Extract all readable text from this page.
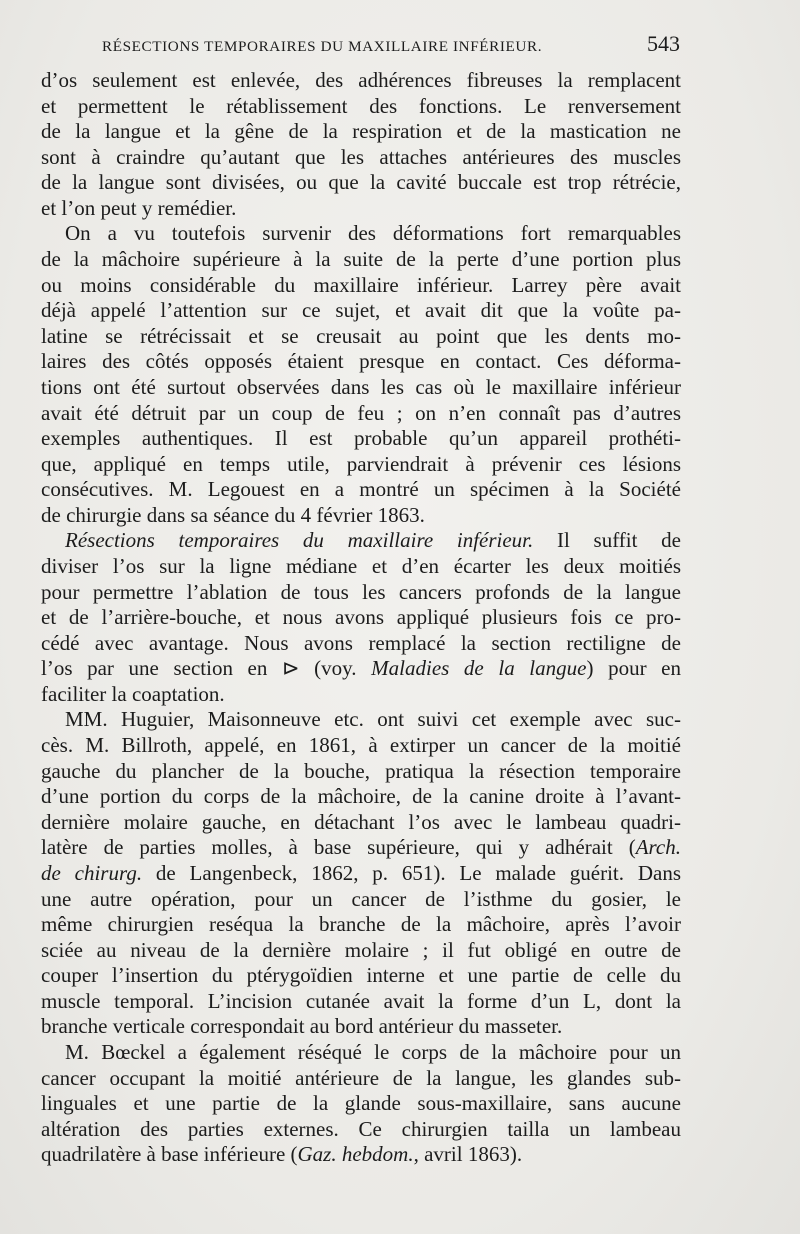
RÉSECTIONS TEMPORAIRES DU MAXILLAIRE INFÉRIEUR.	543
d’os seulement est enlevée, des adhérences fibreuses la remplacent
et permettent le rétablissement des fonctions. Le renversement
de la langue et la gêne de la respiration et de la mastication ne
sont à craindre qu’autant que les attaches antérieures des muscles
de la langue sont divisées, ou que la cavité buccale est trop rétrécie,
et l’on peut y remédier.
On a vu toutefois survenir des déformations fort remarquables
de la mâchoire supérieure à la suite de la perte d’une portion plus
ou moins considérable du maxillaire inférieur. Larrey père avait
déjà appelé l’attention sur ce sujet, et avait dit que la voûte pa-
latine se rétrécissait et se creusait au point que les dents mo-
laires des côtés opposés étaient presque en contact. Ces déforma-
tions ont été surtout observées dans les cas où le maxillaire inférieur
avait été détruit par un coup de feu ; on n’en connaît pas d’autres
exemples authentiques. Il est probable qu’un appareil prothéti-
que, appliqué en temps utile, parviendrait à prévenir ces lésions
consécutives. M. Legouest en a montré un spécimen à la Société
de chirurgie dans sa séance du 4 février 1863.
Résections temporaires du maxillaire inférieur. Il suffit de
diviser l’os sur la ligne médiane et d’en écarter les deux moitiés
pour permettre l’ablation de tous les cancers profonds de la langue
et de l’arrière-bouche, et nous avons appliqué plusieurs fois ce pro-
cédé avec avantage. Nous avons remplacé la section rectiligne de
l’os par une section en ⊳ (voy. Maladies de la langue) pour en
faciliter la coaptation.
MM. Huguier, Maisonneuve etc. ont suivi cet exemple avec suc-
cès. M. Billroth, appelé, en 1861, à extirper un cancer de la moitié
gauche du plancher de la bouche, pratiqua la résection temporaire
d’une portion du corps de la mâchoire, de la canine droite à l’avant-
dernière molaire gauche, en détachant l’os avec le lambeau quadri-
latère de parties molles, à base supérieure, qui y adhérait (Arch.
de chirurg. de Langenbeck, 1862, p. 651). Le malade guérit. Dans
une autre opération, pour un cancer de l’isthme du gosier, le
même chirurgien reséqua la branche de la mâchoire, après l’avoir
sciée au niveau de la dernière molaire ; il fut obligé en outre de
couper l’insertion du ptérygoïdien interne et une partie de celle du
muscle temporal. L’incision cutanée avait la forme d’un L, dont la
branche verticale correspondait au bord antérieur du masseter.
M. Bœckel a également réséqué le corps de la mâchoire pour un
cancer occupant la moitié antérieure de la langue, les glandes sub-
linguales et une partie de la glande sous-maxillaire, sans aucune
altération des parties externes. Ce chirurgien tailla un lambeau
quadrilatère à base inférieure (Gaz. hebdom., avril 1863).
